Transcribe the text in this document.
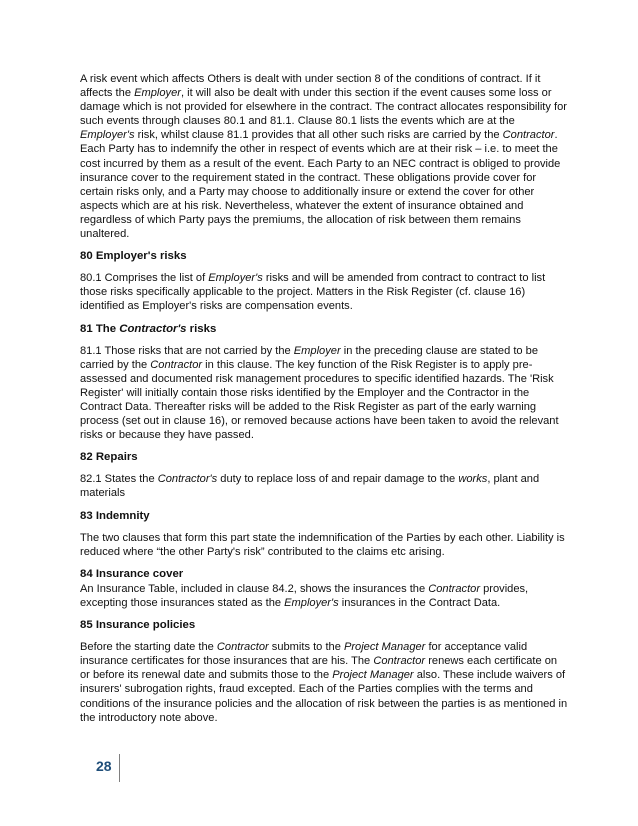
A risk event which affects Others is dealt with under section 8 of the conditions of contract. If it affects the Employer, it will also be dealt with under this section if the event causes some loss or damage which is not provided for elsewhere in the contract. The contract allocates responsibility for such events through clauses 80.1 and 81.1. Clause 80.1 lists the events which are at the Employer's risk, whilst clause 81.1 provides that all other such risks are carried by the Contractor. Each Party has to indemnify the other in respect of events which are at their risk – i.e. to meet the cost incurred by them as a result of the event. Each Party to an NEC contract is obliged to provide insurance cover to the requirement stated in the contract. These obligations provide cover for certain risks only, and a Party may choose to additionally insure or extend the cover for other aspects which are at his risk. Nevertheless, whatever the extent of insurance obtained and regardless of which Party pays the premiums, the allocation of risk between them remains unaltered.

80 Employer's risks

80.1 Comprises the list of Employer's risks and will be amended from contract to contract to list those risks specifically applicable to the project. Matters in the Risk Register (cf. clause 16) identified as Employer's risks are compensation events.

81 The Contractor's risks

81.1 Those risks that are not carried by the Employer in the preceding clause are stated to be carried by the Contractor in this clause. The key function of the Risk Register is to apply pre-assessed and documented risk management procedures to specific identified hazards. The 'Risk Register' will initially contain those risks identified by the Employer and the Contractor in the Contract Data. Thereafter risks will be added to the Risk Register as part of the early warning process (set out in clause 16), or removed because actions have been taken to avoid the relevant risks or because they have passed.

82 Repairs

82.1 States the Contractor's duty to replace loss of and repair damage to the works, plant and materials

83 Indemnity

The two clauses that form this part state the indemnification of the Parties by each other. Liability is reduced where “the other Party's risk” contributed to the claims etc arising.

84 Insurance cover

An Insurance Table, included in clause 84.2, shows the insurances the Contractor provides, excepting those insurances stated as the Employer's insurances in the Contract Data.

85 Insurance policies

Before the starting date the Contractor submits to the Project Manager for acceptance valid insurance certificates for those insurances that are his. The Contractor renews each certificate on or before its renewal date and submits those to the Project Manager also. These include waivers of insurers' subrogation rights, fraud excepted. Each of the Parties complies with the terms and conditions of the insurance policies and the allocation of risk between the parties is as mentioned in the introductory note above.

28
